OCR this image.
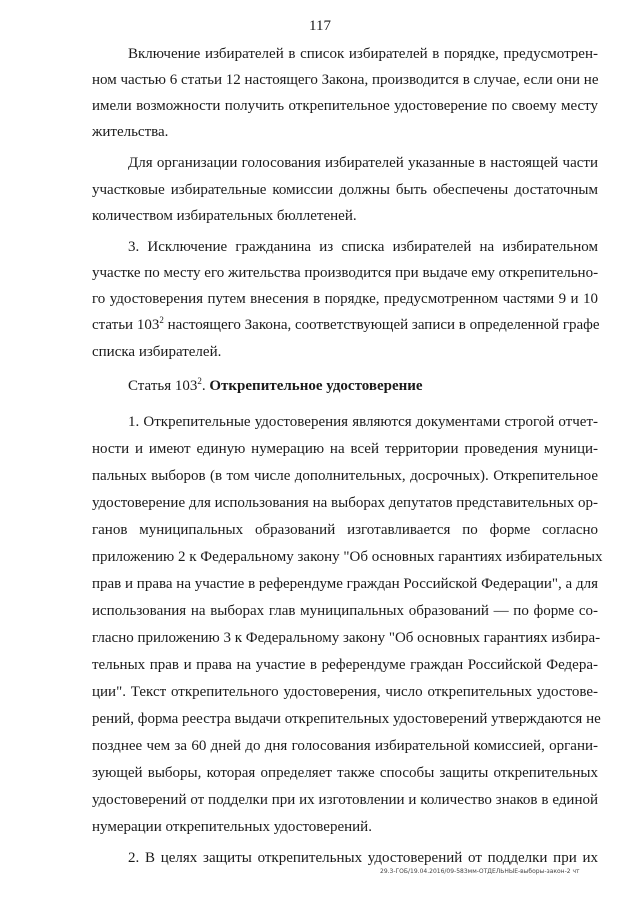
117
Включение избирателей в список избирателей в порядке, предусмотрен-
ном частью 6 статьи 12 настоящего Закона, производится в случае, если они не
имели возможности получить открепительное удостоверение по своему месту
жительства.
Для организации голосования избирателей указанные в настоящей части
участковые избирательные комиссии должны быть обеспечены достаточным
количеством избирательных бюллетеней.
3. Исключение гражданина из списка избирателей на избирательном
участке по месту его жительства производится при выдаче ему открепительно-
го удостоверения путем внесения в порядке, предусмотренном частями 9 и 10
статьи $103^2$ настоящего Закона, соответствующей записи в определенной графе
списка избирателей.
Статья $103^2$. Открепительное удостоверение
1. Открепительные удостоверения являются документами строгой отчет-
ности и имеют единую нумерацию на всей территории проведения муници-
пальных выборов (в том числе дополнительных, досрочных). Открепительное
удостоверение для использования на выборах депутатов представительных ор-
ганов муниципальных образований изготавливается по форме согласно
приложению 2 к Федеральному закону "Об основных гарантиях избирательных
прав и права на участие в референдуме граждан Российской Федерации", а для
использования на выборах глав муниципальных образований — по форме со-
гласно приложению 3 к Федеральному закону "Об основных гарантиях избира-
тельных прав и права на участие в референдуме граждан Российской Федера-
ции". Текст открепительного удостоверения, число открепительных удостове-
рений, форма реестра выдачи открепительных удостоверений утверждаются не
позднее чем за 60 дней до дня голосования избирательной комиссией, органи-
зующей выборы, которая определяет также способы защиты открепительных
удостоверений от подделки при их изготовлении и количество знаков в единой
нумерации открепительных удостоверений.
2. В целях защиты открепительных удостоверений от подделки при их
29.3-ГОБ/19.04.2016/09-583мм-ОТДЕЛЬНЫЕ-выборы-закон-2 чт
